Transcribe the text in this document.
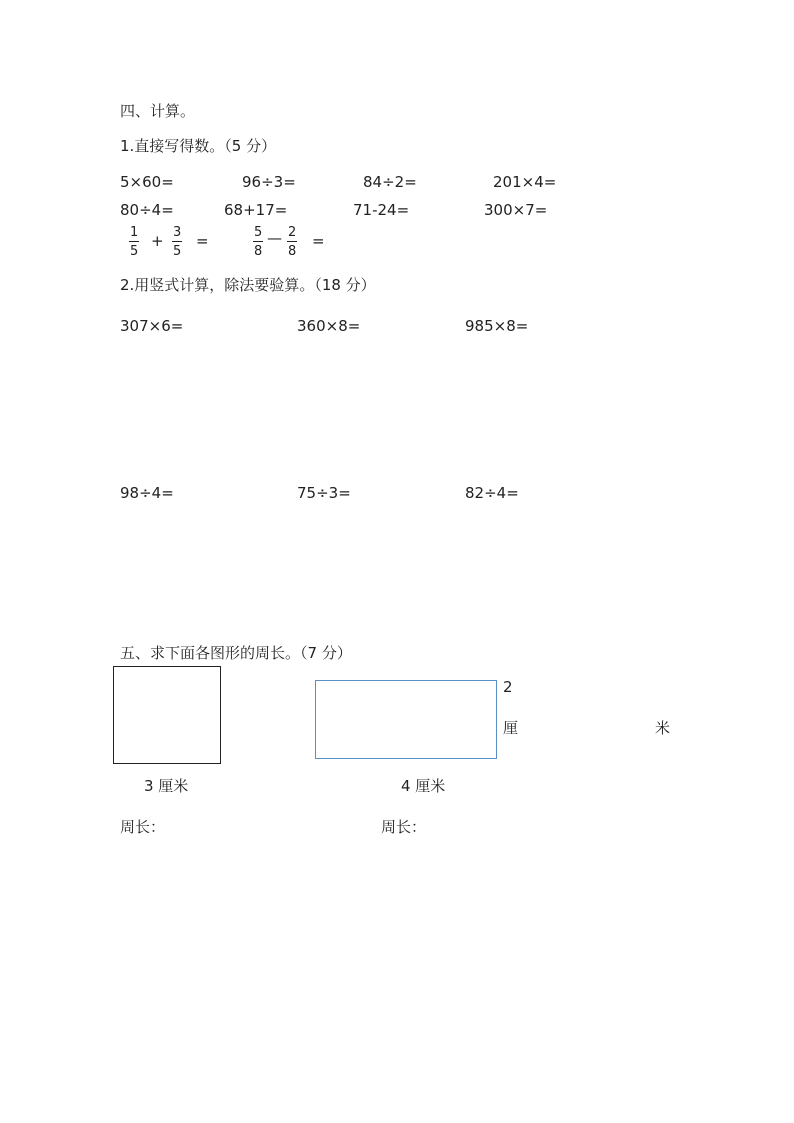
四、计算。
1.直接写得数。（5 分）
5×60=	96÷3=	84÷2=	201×4=
80÷4=	68+17=	71-24=	300×7=
$\frac{1}{5} + \frac{3}{5}$ =	$\frac{5}{8}$ — $\frac{2}{8}$ =
2.用竖式计算，除法要验算。（18 分）
307×6=	360×8=	985×8=
98÷4=	75÷3=	82÷4=
五、求下面各图形的周长。（7 分）
2
厘	米
3 厘米	4 厘米
周长：	周长：
